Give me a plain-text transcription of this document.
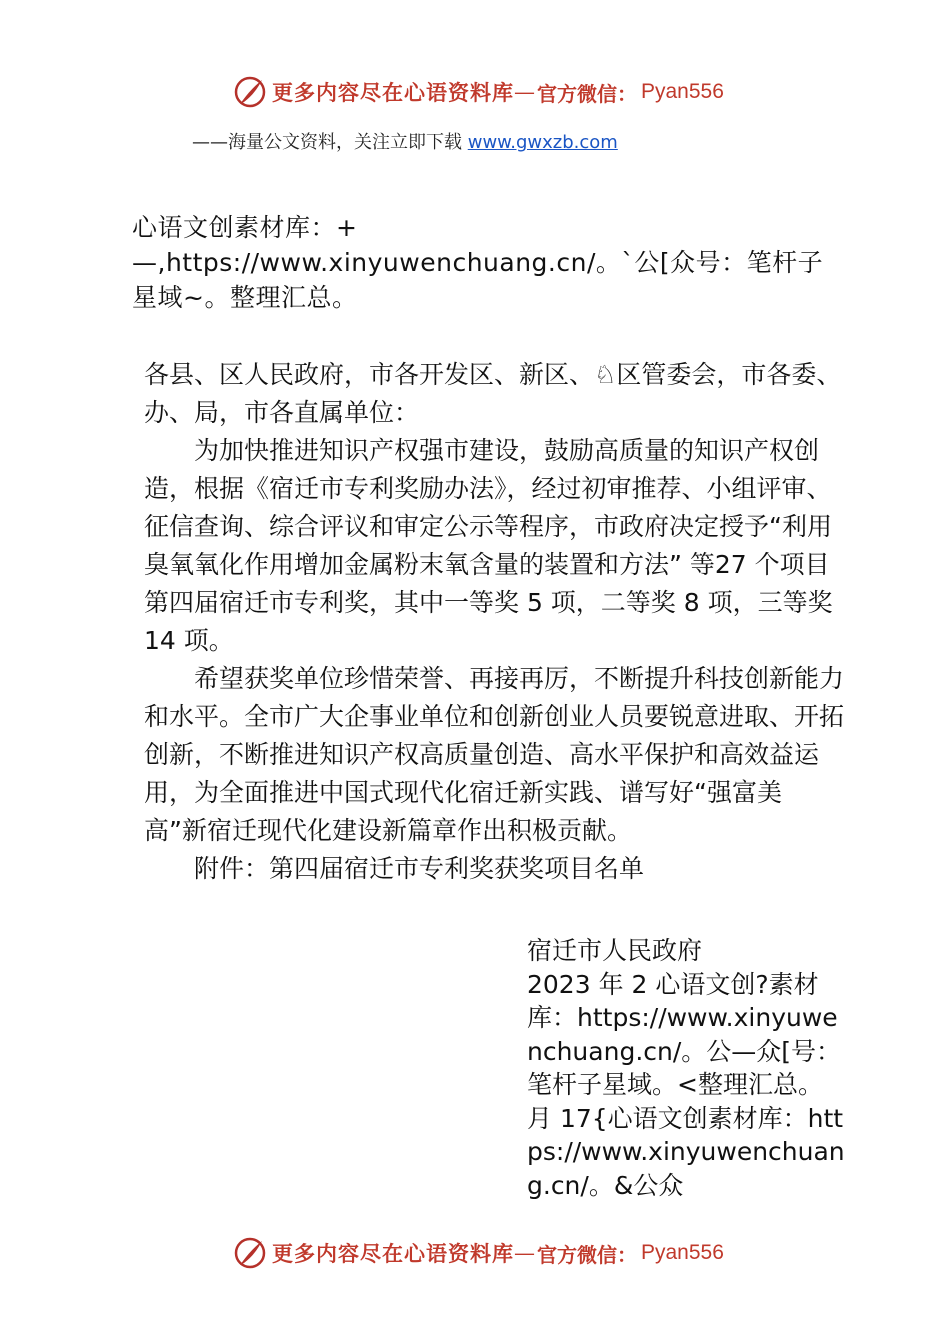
更多内容尽在心语资料库 — 官方微信： Pyan556
——海量公文资料，关注立即下载 www.gwxzb.com
心语文创素材库：+—,https://www.xinyuwenchuang.cn/。`公[众号：笔杆子星域~。整理汇总。

各县、区人民政府，市各开发区、新区、♘区管委会，市各委、办、局，市各直属单位：

为加快推进知识产权强市建设，鼓励高质量的知识产权创造，根据《宿迁市专利奖励办法》，经过初审推荐、小组评审、征信查询、综合评议和审定公示等程序，市政府决定授予“利用臭氧氧化作用增加金属粉末氧含量的装置和方法” 等27 个项目第四届宿迁市专利奖，其中一等奖 5 项，二等奖 8 项，三等奖 14 项。

希望获奖单位珍惜荣誉、再接再厉，不断提升科技创新能力和水平。全市广大企事业单位和创新创业人员要锐意进取、开拓创新，不断推进知识产权高质量创造、高水平保护和高效益运用，为全面推进中国式现代化宿迁新实践、谱写好“强富美高”新宿迁现代化建设新篇章作出积极贡献。

附件：第四届宿迁市专利奖获奖项目名单

宿迁市人民政府

2023 年 2 心语文创?素材库：https://www.xinyuwenchuang.cn/。公—众[号：笔杆子星域。<整理汇总。月 17{心语文创素材库：https://www.xinyuwenchuang.cn/。&公众

更多内容尽在心语资料库 — 官方微信： Pyan556
